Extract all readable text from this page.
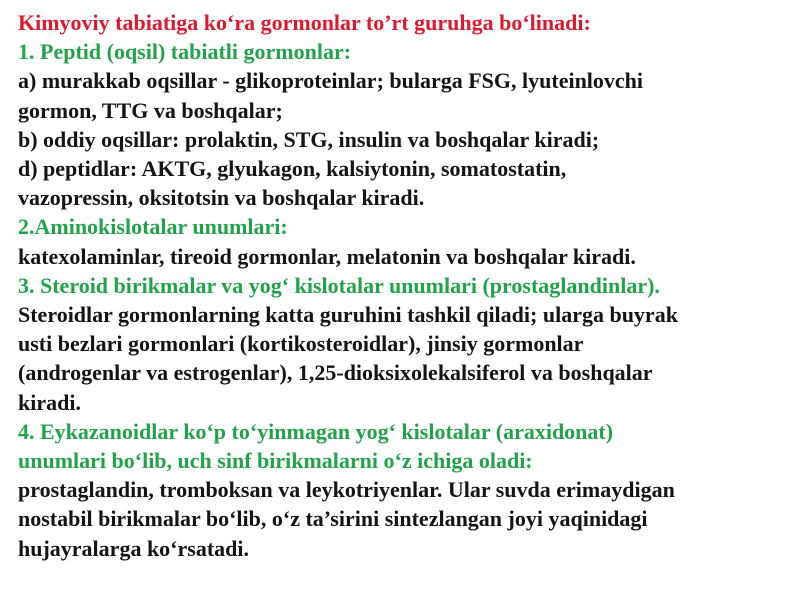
Kimyoviy tabiatiga ko‘ra gormonlar to’rt guruhga bo‘linadi:
1. Peptid (oqsil) tabiatli gormonlar:
a) murakkab oqsillar - glikoproteinlar; bularga FSG, lyuteinlovchi
gormon, TTG va boshqalar;
b) oddiy oqsillar: prolaktin, STG, insulin va boshqalar kiradi;
d) peptidlar: AKTG, glyukagon, kalsiytonin, somatostatin,
vazopressin, oksitotsin va boshqalar kiradi.
2.Aminokislotalar unumlari:
katexolaminlar, tireoid gormonlar, melatonin va boshqalar kiradi.
3. Steroid birikmalar va yog‘ kislotalar unumlari (prostaglandinlar).
Steroidlar gormonlarning katta guruhini tashkil qiladi; ularga buyrak
usti bezlari gormonlari (kortikosteroidlar), jinsiy gormonlar
(androgenlar va estrogenlar), 1,25-dioksixolekalsiferol va boshqalar
kiradi.
4. Eykazanoidlar ko‘p to‘yinmagan yog‘ kislotalar (araxidonat)
unumlari bo‘lib, uch sinf birikmalarni o‘z ichiga oladi:
prostaglandin, tromboksan va leykotriyenlar. Ular suvda erimaydigan
nostabil birikmalar bo‘lib, o‘z ta’sirini sintezlangan joyi yaqinidagi
hujayralarga ko‘rsatadi.
